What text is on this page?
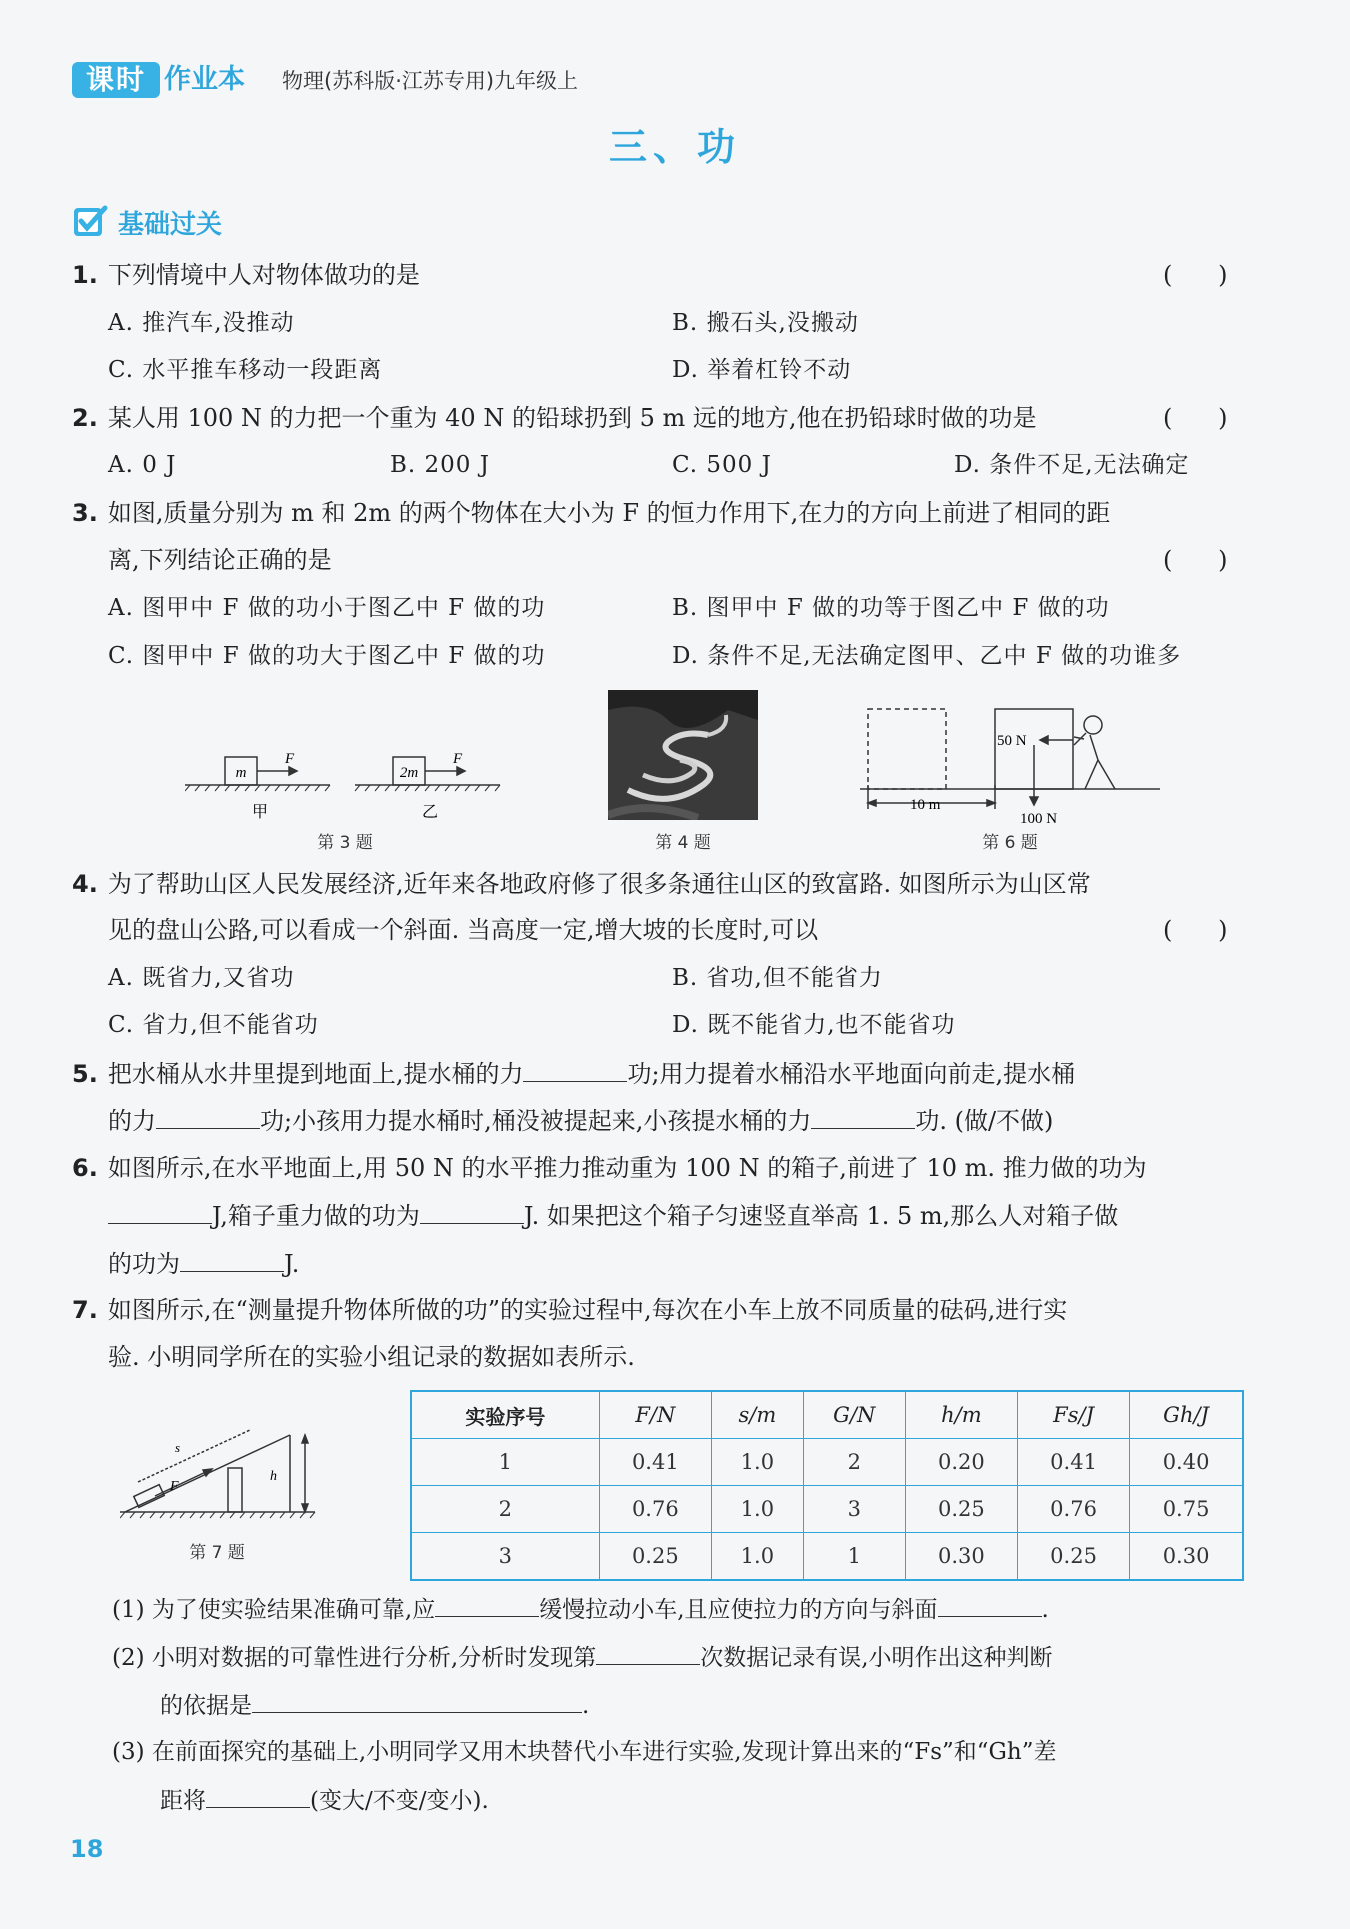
课时 作业本 物理(苏科版·江苏专用)九年级上
三、功
基础过关
1. 下列情境中人对物体做功的是	(      )
A. 推汽车,没推动	B. 搬石头,没搬动
C. 水平推车移动一段距离	D. 举着杠铃不动
2. 某人用 100 N 的力把一个重为 40 N 的铅球扔到 5 m 远的地方,他在扔铅球时做的功是	(      )
A. 0 J	B. 200 J	C. 500 J	D. 条件不足,无法确定
3. 如图,质量分别为 m 和 2m 的两个物体在大小为 F 的恒力作用下,在力的方向上前进了相同的距
离,下列结论正确的是	(      )
A. 图甲中 F 做的功小于图乙中 F 做的功	B. 图甲中 F 做的功等于图乙中 F 做的功
C. 图甲中 F 做的功大于图乙中 F 做的功	D. 条件不足,无法确定图甲、乙中 F 做的功谁多
m	2m
F	F
甲	乙
第 3 题	第 4 题
50 N
100 N
10 m
第 6 题
4. 为了帮助山区人民发展经济,近年来各地政府修了很多条通往山区的致富路. 如图所示为山区常
见的盘山公路,可以看成一个斜面. 当高度一定,增大坡的长度时,可以	(      )
A. 既省力,又省功	B. 省功,但不能省力
C. 省力,但不能省功	D. 既不能省力,也不能省功
5. 把水桶从水井里提到地面上,提水桶的力	功;用力提着水桶沿水平地面向前走,提水桶
的力	功;小孩用力提水桶时,桶没被提起来,小孩提水桶的力	功. (做/不做)
6. 如图所示,在水平地面上,用 50 N 的水平推力推动重为 100 N 的箱子,前进了 10 m. 推力做的功为
J,箱子重力做的功为	J. 如果把这个箱子匀速竖直举高 1. 5 m,那么人对箱子做
的功为	J.
7. 如图所示,在“测量提升物体所做的功”的实验过程中,每次在小车上放不同质量的砝码,进行实
验. 小明同学所在的实验小组记录的数据如表所示.
s
F
h
第 7 题
实验序号	F/N	s/m	G/N	h/m	Fs/J	Gh/J
1	0.41	1.0	2	0.20	0.41	0.40
2	0.76	1.0	3	0.25	0.76	0.75
3	0.25	1.0	1	0.30	0.25	0.30
(1) 为了使实验结果准确可靠,应	缓慢拉动小车,且应使拉力的方向与斜面	.
(2) 小明对数据的可靠性进行分析,分析时发现第	次数据记录有误,小明作出这种判断
的依据是	.
(3) 在前面探究的基础上,小明同学又用木块替代小车进行实验,发现计算出来的“Fs”和“Gh”差
距将	(变大/不变/变小).
18
